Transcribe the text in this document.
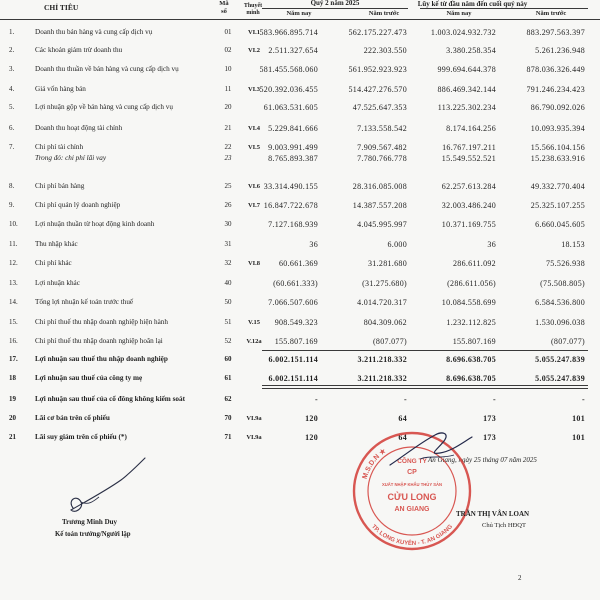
CHỈ TIÊU	Mã số
Thuyết minh
Quý 2 năm 2025	Lũy kế từ đầu năm đến cuối quý này
Năm nay	Năm trước	Năm nay	Năm trước
1.	Doanh thu bán hàng và cung cấp dịch vụ	01	VI.1 583.966.895.714	562.175.227.473	1.003.024.932.732	883.297.563.397
2.	Các khoản giảm trừ doanh thu	02	VI.2	2.511.327.654	222.303.550	3.380.258.354	5.261.236.948
3.	Doanh thu thuần về bán hàng và cung cấp dịch vụ	10	581.455.568.060	561.952.923.923	999.694.644.378	878.036.326.449
4.	Giá vốn hàng bán	11	VI.3 520.392.036.455	514.427.276.570	886.469.342.144	791.246.234.423
5.	Lợi nhuận gộp về bán hàng và cung cấp dịch vụ	20	61.063.531.605	47.525.647.353	113.225.302.234	86.790.092.026
6.	Doanh thu hoạt động tài chính	21	VI.4	5.229.841.666	7.133.558.542	8.174.164.256	10.093.935.394
7.	Chi phí tài chính	22	VI.5	9.003.991.499	7.909.567.482	16.767.197.211	15.566.104.156
Trong đó: chi phí lãi vay	23	8.765.893.387	7.780.766.778	15.549.552.521	15.238.633.916
8.	Chi phí bán hàng	25	VI.6 33.314.490.155	28.316.085.008	62.257.613.284	49.332.770.404
9.	Chi phí quản lý doanh nghiệp	26	VI.7 16.847.722.678	14.387.557.208	32.003.486.240	25.325.107.255
10.	Lợi nhuận thuần từ hoạt động kinh doanh	30	7.127.168.939	4.045.995.997	10.371.169.755	6.660.045.605
11.	Thu nhập khác	31	36	6.000	36	18.153
12.	Chi phí khác	32	VI.8	60.661.369	31.281.680	286.611.092	75.526.938
13.	Lợi nhuận khác	40	(60.661.333)	(31.275.680)	(286.611.056)	(75.508.805)
14.	Tổng lợi nhuận kế toán trước thuế	50	7.066.507.606	4.014.720.317	10.084.558.699	6.584.536.800
15.	Chi phí thuế thu nhập doanh nghiệp hiện hành	51	V.15	908.549.323	804.309.062	1.232.112.825	1.530.096.038
16.	Chi phí thuế thu nhập doanh nghiệp hoãn lại	52	V.12a	155.807.169	(807.077)	155.807.169	(807.077)
17.	Lợi nhuận sau thuế thu nhập doanh nghiệp	60	6.002.151.114	3.211.218.332	8.696.638.705	5.055.247.839
18	Lợi nhuận sau thuế của công ty mẹ	61	6.002.151.114	3.211.218.332	8.696.638.705	5.055.247.839
19	Lợi nhuận sau thuế của cổ đông không kiểm soát	62	-	-	-	-
20	Lãi cơ bản trên cổ phiếu	70	VI.9a	120	64	173	101
21	Lãi suy giảm trên cổ phiếu (*)	71	VI.9a	120	64	173	101
Trương Minh Duy
Kế toán trưởng/Người lập
An Giang, ngày 25 tháng 07 năm 2025
M.S.D.N ★
TP. LONG XUYÊN - T. AN GIANG
CÔNG TY
CP
XUẤT NHẬP KHẨU THỦY SẢN
CỬU LONG
AN GIANG
TRẦN THỊ VÂN LOAN
Chủ Tịch HĐQT
2
